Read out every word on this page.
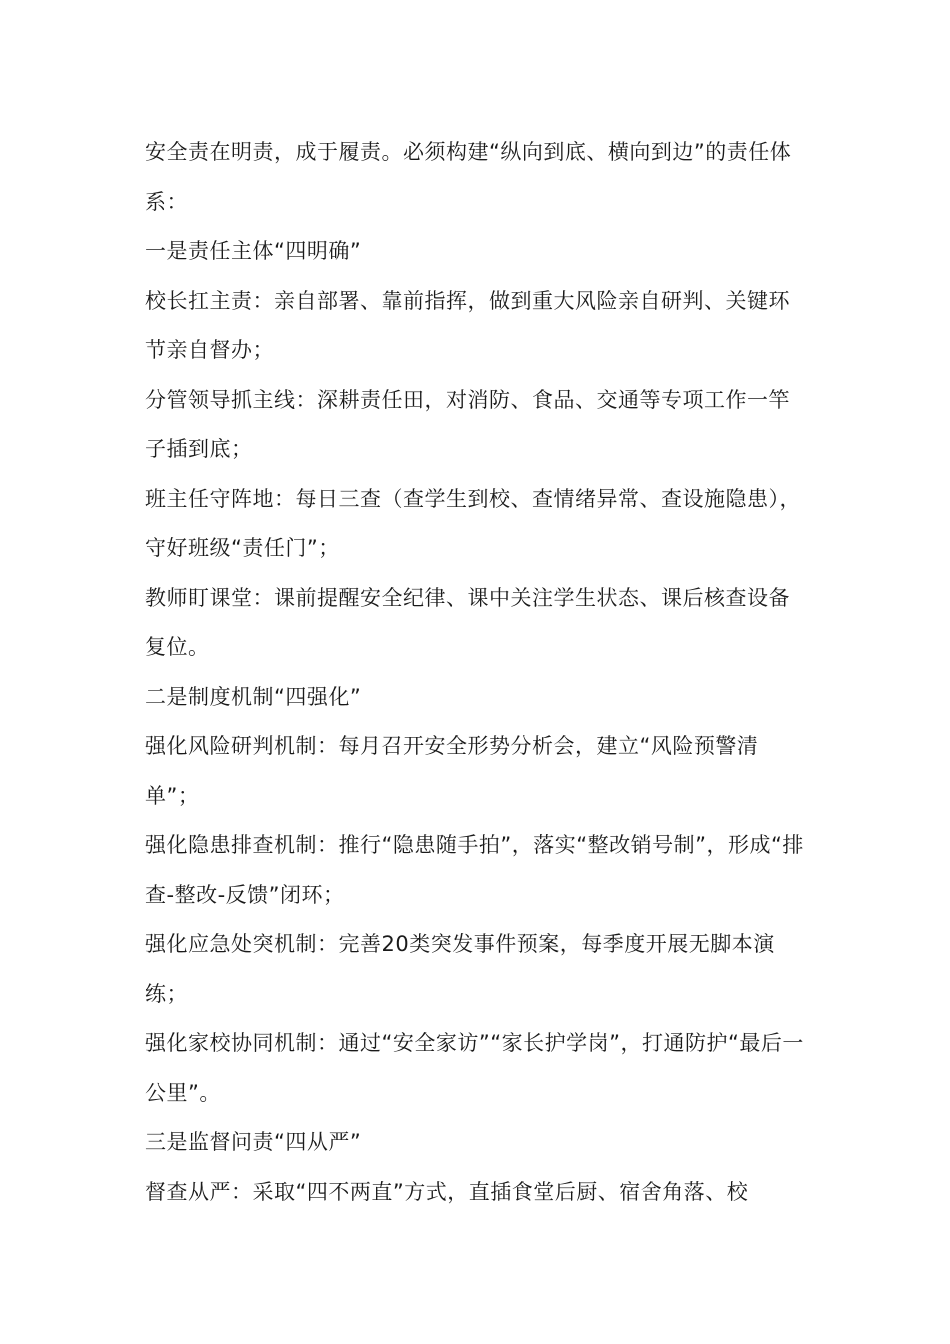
安全责在明责，成于履责。必须构建“纵向到底、横向到边”的责任体系：

一是责任主体“四明确”

校长扛主责：亲自部署、靠前指挥，做到重大风险亲自研判、关键环节亲自督办；

分管领导抓主线：深耕责任田，对消防、食品、交通等专项工作一竿子插到底；

班主任守阵地：每日三查（查学生到校、查情绪异常、查设施隐患），守好班级“责任门”；

教师盯课堂：课前提醒安全纪律、课中关注学生状态、课后核查设备复位。

二是制度机制“四强化”

强化风险研判机制：每月召开安全形势分析会，建立“风险预警清单”；

强化隐患排查机制：推行“隐患随手拍”，落实“整改销号制”，形成“排查-整改-反馈”闭环；

强化应急处突机制：完善20类突发事件预案，每季度开展无脚本演练；

强化家校协同机制：通过“安全家访”“家长护学岗”，打通防护“最后一公里”。

三是监督问责“四从严”

督查从严：采取“四不两直”方式，直插食堂后厨、宿舍角落、校
